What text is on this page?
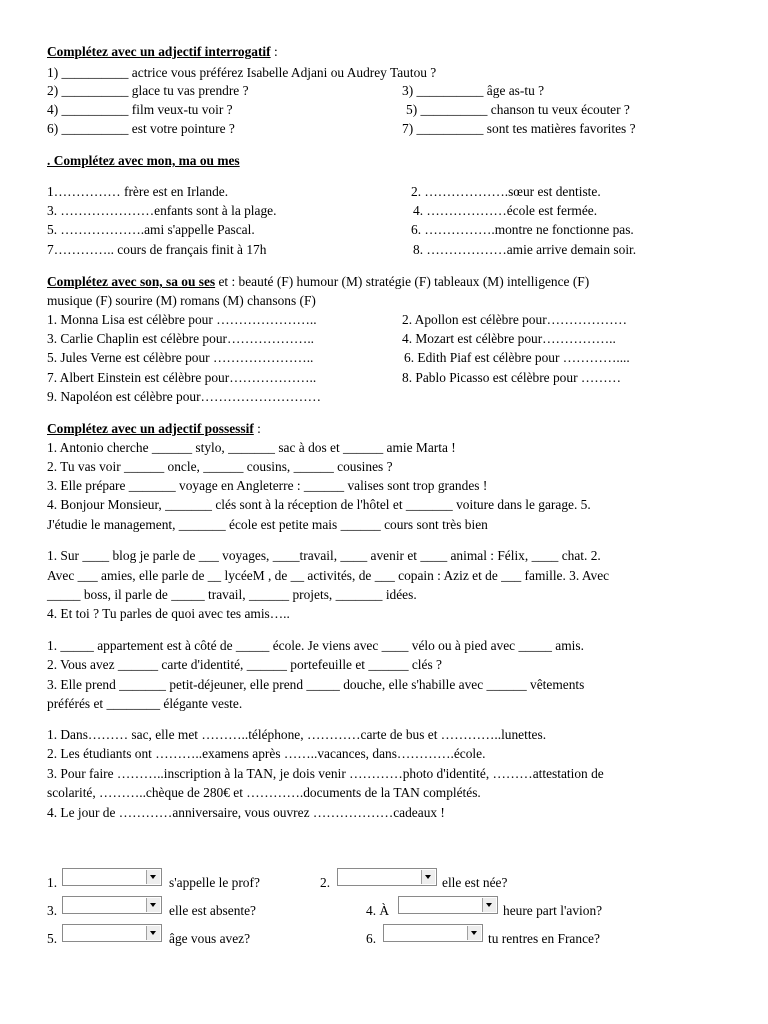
Complétez avec un adjectif interrogatif :
1) __________ actrice vous préférez Isabelle Adjani ou Audrey Tautou ?
2) __________ glace tu vas prendre ?	3) __________ âge as-tu ?
4) __________ film veux-tu voir ?	5) __________ chanson tu veux écouter ?
6) __________ est votre pointure ?	7) __________ sont tes matières favorites ?
. Complétez avec mon, ma ou mes
1…………… frère est en Irlande.	2. ……………….sœur est dentiste.
3. …………………enfants sont à la plage.	4. ………………école est fermée.
5. ……………….ami s'appelle Pascal.	6. …………….montre ne fonctionne pas.
7………….. cours de français finit à 17h	8. ………………amie arrive demain soir.
Complétez avec son, sa ou ses et : beauté (F) humour (M) stratégie (F) tableaux (M) intelligence (F)
musique (F) sourire (M) romans (M) chansons (F)
1. Monna Lisa est célèbre pour …………………..	2. Apollon est célèbre pour………………
3. Carlie Chaplin est célèbre pour………………..	4. Mozart est célèbre pour……………..
5. Jules Verne est célèbre pour …………………..	6. Edith Piaf est célèbre pour …………....
7. Albert Einstein est célèbre pour………………..	8. Pablo Picasso est célèbre pour ………
9. Napoléon est célèbre pour………………………
Complétez avec un adjectif possessif :
1. Antonio cherche ______ stylo, _______ sac à dos et ______ amie Marta !
2. Tu vas voir ______ oncle, ______ cousins, ______ cousines ?
3. Elle prépare _______ voyage en Angleterre : ______ valises sont trop grandes !
4. Bonjour Monsieur, _______ clés sont à la réception de l'hôtel et _______ voiture dans le garage. 5.
J'étudie le management, _______ école est petite mais ______ cours sont très bien
1. Sur ____ blog je parle de ___ voyages, ____travail, ____ avenir et ____ animal : Félix, ____ chat. 2.
Avec ___ amies, elle parle de __ lycéeM , de __ activités, de ___ copain : Aziz et de ___ famille. 3. Avec
_____ boss, il parle de _____ travail, ______ projets, _______ idées.
4. Et toi ? Tu parles de quoi avec tes amis…..
1. _____ appartement est à côté de _____ école. Je viens avec ____ vélo ou à pied avec _____ amis.
2. Vous avez ______ carte d'identité, ______ portefeuille et ______ clés ?
3. Elle prend _______ petit-déjeuner, elle prend _____ douche, elle s'habille avec ______ vêtements
préférés et ________ élégante veste.
1. Dans……… sac, elle met ………..téléphone, …………carte de bus et …………..lunettes.
2. Les étudiants ont ………..examens après ……..vacances, dans………….école.
3. Pour faire ………..inscription à la TAN, je dois venir …………photo d'identité, ………attestation de
scolarité, ………..chèque de 280€ et ………….documents de la TAN complétés.
4. Le jour de …………anniversaire, vous ouvrez ………………cadeaux !
1.	s'appelle le prof?	2.	elle est née?
3.	elle est absente?	4. À	heure part l'avion?
5.	âge vous avez?	6.	tu rentres en France?
